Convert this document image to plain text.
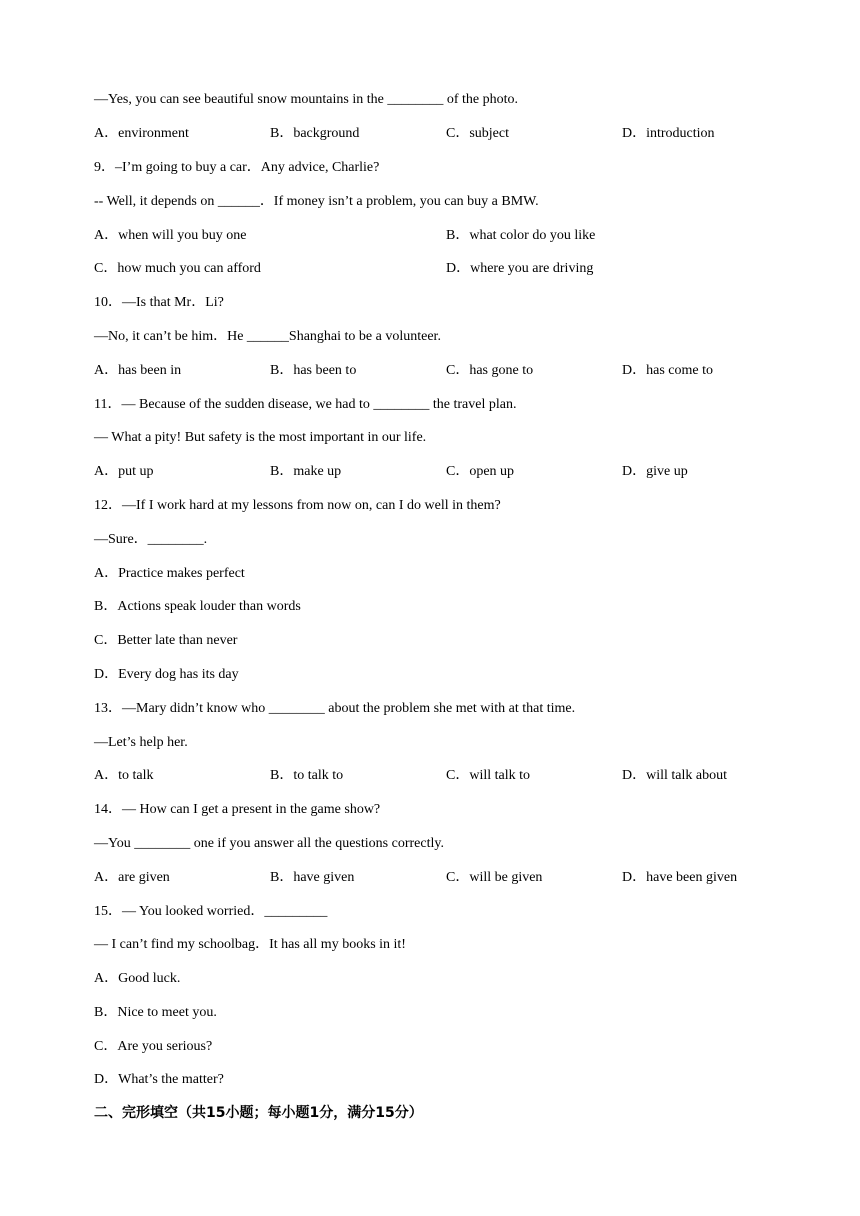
—Yes, you can see beautiful snow mountains in the ________ of the photo.
A．environment	B．background	C．subject	D．introduction
9．–I’m going to buy a car．Any advice, Charlie?
-- Well, it depends on ______．If money isn’t a problem, you can buy a BMW.
A．when will you buy one	B．what color do you like
C．how much you can afford	D．where you are driving
10．—Is that Mr．Li?
—No, it can’t be him．He ______Shanghai to be a volunteer.
A．has been in	B．has been to	C．has gone to	D．has come to
11．— Because of the sudden disease, we had to ________ the travel plan.
— What a pity! But safety is the most important in our life.
A．put up	B．make up	C．open up	D．give up
12．—If I work hard at my lessons from now on, can I do well in them?
—Sure．________.
A．Practice makes perfect
B．Actions speak louder than words
C．Better late than never
D．Every dog has its day
13．—Mary didn’t know who ________ about the problem she met with at that time.
—Let’s help her.
A．to talk	B．to talk to	C．will talk to	D．will talk about
14．— How can I get a present in the game show?
—You ________ one if you answer all the questions correctly.
A．are given	B．have given	C．will be given	D．have been given
15．— You looked worried．_________
— I can’t find my schoolbag．It has all my books in it!
A．Good luck.
B．Nice to meet you.
C．Are you serious?
D．What’s the matter?
二、完形填空（共15小题；每小题1分，满分15分）
